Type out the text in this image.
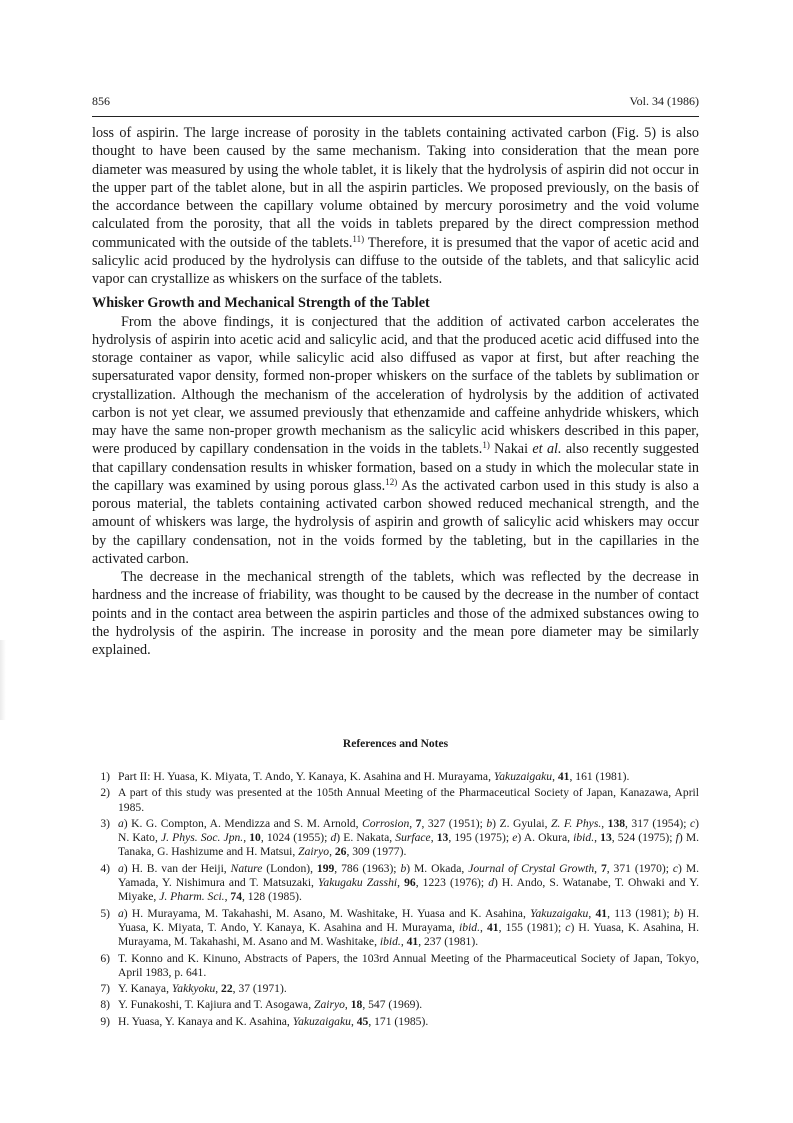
856	Vol. 34 (1986)

loss of aspirin. The large increase of porosity in the tablets containing activated carbon (Fig. 5) is also thought to have been caused by the same mechanism. Taking into consideration that the mean pore diameter was measured by using the whole tablet, it is likely that the hydrolysis of aspirin did not occur in the upper part of the tablet alone, but in all the aspirin particles. We proposed previously, on the basis of the accordance between the capillary volume obtained by mercury porosimetry and the void volume calculated from the porosity, that all the voids in tablets prepared by the direct compression method communicated with the outside of the tablets.$^{11)}$ Therefore, it is presumed that the vapor of acetic acid and salicylic acid produced by the hydrolysis can diffuse to the outside of the tablets, and that salicylic acid vapor can crystallize as whiskers on the surface of the tablets.

Whisker Growth and Mechanical Strength of the Tablet

From the above findings, it is conjectured that the addition of activated carbon accelerates the hydrolysis of aspirin into acetic acid and salicylic acid, and that the produced acetic acid diffused into the storage container as vapor, while salicylic acid also diffused as vapor at first, but after reaching the supersaturated vapor density, formed non-proper whiskers on the surface of the tablets by sublimation or crystallization. Although the mechanism of the acceleration of hydrolysis by the addition of activated carbon is not yet clear, we assumed previously that ethenzamide and caffeine anhydride whiskers, which may have the same non-proper growth mechanism as the salicylic acid whiskers described in this paper, were produced by capillary condensation in the voids in the tablets.$^{1)}$ Nakai et al. also recently suggested that capillary condensation results in whisker formation, based on a study in which the molecular state in the capillary was examined by using porous glass.$^{12)}$ As the activated carbon used in this study is also a porous material, the tablets containing activated carbon showed reduced mechanical strength, and the amount of whiskers was large, the hydrolysis of aspirin and growth of salicylic acid whiskers may occur by the capillary condensation, not in the voids formed by the tableting, but in the capillaries in the activated carbon.

The decrease in the mechanical strength of the tablets, which was reflected by the decrease in hardness and the increase of friability, was thought to be caused by the decrease in the number of contact points and in the contact area between the aspirin particles and those of the admixed substances owing to the hydrolysis of the aspirin. The increase in porosity and the mean pore diameter may be similarly explained.

References and Notes
1) Part II: H. Yuasa, K. Miyata, T. Ando, Y. Kanaya, K. Asahina and H. Murayama, Yakuzaigaku, 41, 161 (1981).
2) A part of this study was presented at the 105th Annual Meeting of the Pharmaceutical Society of Japan, Kanazawa, April 1985.
3) a) K. G. Compton, A. Mendizza and S. M. Arnold, Corrosion, 7, 327 (1951); b) Z. Gyulai, Z. F. Phys., 138, 317 (1954); c) N. Kato, J. Phys. Soc. Jpn., 10, 1024 (1955); d) E. Nakata, Surface, 13, 195 (1975); e) A. Okura, ibid., 13, 524 (1975); f) M. Tanaka, G. Hashizume and H. Matsui, Zairyo, 26, 309 (1977).
4) a) H. B. van der Heiji, Nature (London), 199, 786 (1963); b) M. Okada, Journal of Crystal Growth, 7, 371 (1970); c) M. Yamada, Y. Nishimura and T. Matsuzaki, Yakugaku Zasshi, 96, 1223 (1976); d) H. Ando, S. Watanabe, T. Ohwaki and Y. Miyake, J. Pharm. Sci., 74, 128 (1985).
5) a) H. Murayama, M. Takahashi, M. Asano, M. Washitake, H. Yuasa and K. Asahina, Yakuzaigaku, 41, 113 (1981); b) H. Yuasa, K. Miyata, T. Ando, Y. Kanaya, K. Asahina and H. Murayama, ibid., 41, 155 (1981); c) H. Yuasa, K. Asahina, H. Murayama, M. Takahashi, M. Asano and M. Washitake, ibid., 41, 237 (1981).
6) T. Konno and K. Kinuno, Abstracts of Papers, the 103rd Annual Meeting of the Pharmaceutical Society of Japan, Tokyo, April 1983, p. 641.
7) Y. Kanaya, Yakkyoku, 22, 37 (1971).
8) Y. Funakoshi, T. Kajiura and T. Asogawa, Zairyo, 18, 547 (1969).
9) H. Yuasa, Y. Kanaya and K. Asahina, Yakuzaigaku, 45, 171 (1985).
